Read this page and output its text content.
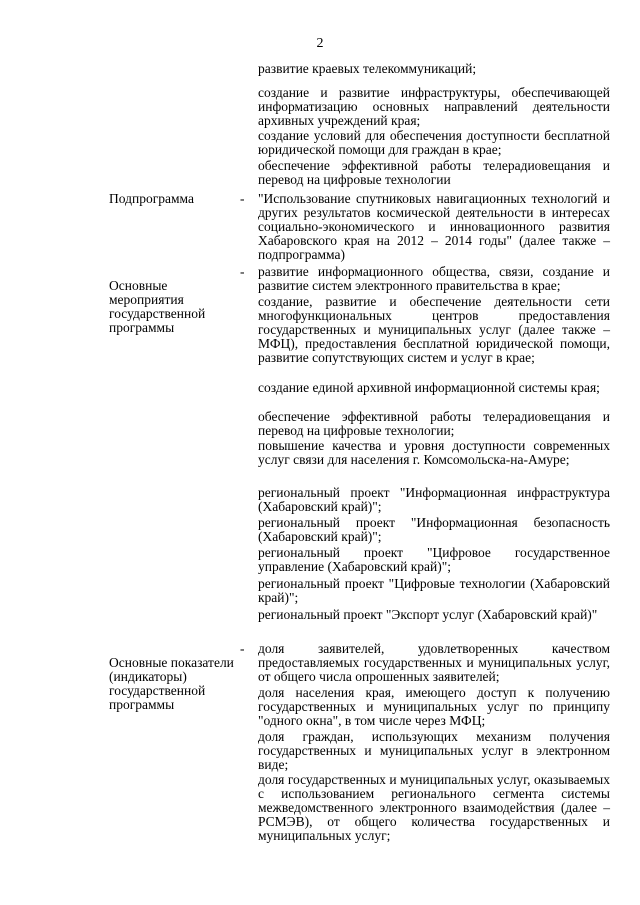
2
развитие краевых телекоммуникаций;
создание и развитие инфраструктуры, обеспечивающей информатизацию основных направлений деятельности архивных учреждений края;
создание условий для обеспечения доступности бесплатной юридической помощи для граждан в крае;
обеспечение эффективной работы телерадиовещания и перевод на цифровые технологии
Подпрограмма	- "Использование спутниковых навигационных технологий и других результатов космической деятельности в интересах социально-экономического и инновационного развития Хабаровского края на 2012 – 2014 годы" (далее также – подпрограмма)

Основные мероприятия государственной программы

- развитие информационного общества, связи, создание и развитие систем электронного правительства в крае;
создание, развитие и обеспечение деятельности сети многофункциональных центров предоставления государственных и муниципальных услуг (далее также – МФЦ), предоставления бесплатной юридической помощи, развитие сопутствующих систем и услуг в крае;
создание единой архивной информационной системы края;
обеспечение эффективной работы телерадиовещания и перевод на цифровые технологии;
повышение качества и уровня доступности современных услуг связи для населения г. Комсомольска-на-Амуре;
региональный проект "Информационная инфраструктура (Хабаровский край)";
региональный проект "Информационная безопасность (Хабаровский край)";
региональный проект "Цифровое государственное управление (Хабаровский край)";
региональный проект "Цифровые технологии (Хабаровский край)";
региональный проект "Экспорт услуг (Хабаровский край)"

Основные показатели (индикаторы) государственной программы

- доля заявителей, удовлетворенных качеством предоставляемых государственных и муниципальных услуг, от общего числа опрошенных заявителей;
доля населения края, имеющего доступ к получению государственных и муниципальных услуг по принципу "одного окна", в том числе через МФЦ;
доля граждан, использующих механизм получения государственных и муниципальных услуг в электронном виде;
доля государственных и муниципальных услуг, оказываемых с использованием регионального сегмента системы межведомственного электронного взаимодействия (далее – РСМЭВ), от общего количества государственных и муниципальных услуг;
